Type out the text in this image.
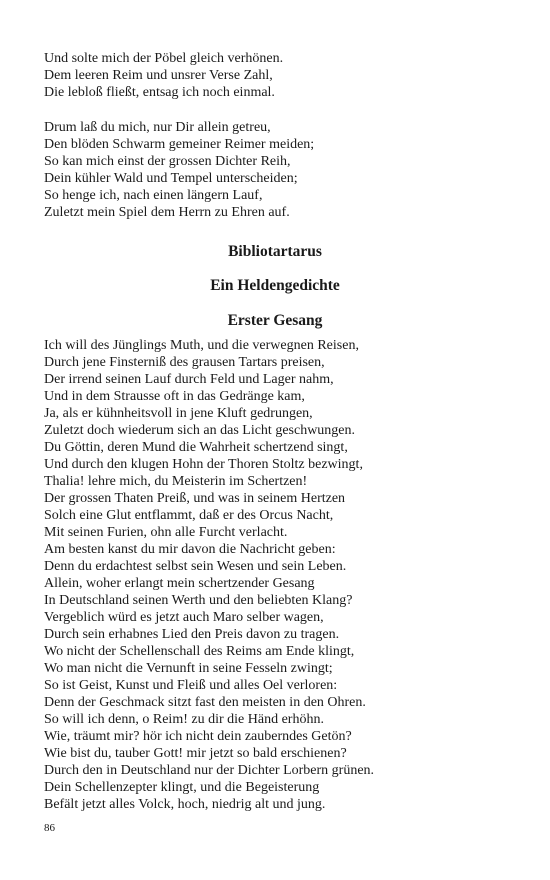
Und solte mich der Pöbel gleich verhönen.
Dem leeren Reim und unsrer Verse Zahl,
Die lebloß fließt, entsag ich noch einmal.
Drum laß du mich, nur Dir allein getreu,
Den blöden Schwarm gemeiner Reimer meiden;
So kan mich einst der grossen Dichter Reih,
Dein kühler Wald und Tempel unterscheiden;
So henge ich, nach einen längern Lauf,
Zuletzt mein Spiel dem Herrn zu Ehren auf.
Bibliotartarus
Ein Heldengedichte
Erster Gesang
Ich will des Jünglings Muth, und die verwegnen Reisen,
Durch jene Finsterniß des grausen Tartars preisen,
Der irrend seinen Lauf durch Feld und Lager nahm,
Und in dem Strausse oft in das Gedränge kam,
Ja, als er kühnheitsvoll in jene Kluft gedrungen,
Zuletzt doch wiederum sich an das Licht geschwungen.
Du Göttin, deren Mund die Wahrheit schertzend singt,
Und durch den klugen Hohn der Thoren Stoltz bezwingt,
Thalia! lehre mich, du Meisterin im Schertzen!
Der grossen Thaten Preiß, und was in seinem Hertzen
Solch eine Glut entflammt, daß er des Orcus Nacht,
Mit seinen Furien, ohn alle Furcht verlacht.
Am besten kanst du mir davon die Nachricht geben:
Denn du erdachtest selbst sein Wesen und sein Leben.
Allein, woher erlangt mein schertzender Gesang
In Deutschland seinen Werth und den beliebten Klang?
Vergeblich würd es jetzt auch Maro selber wagen,
Durch sein erhabnes Lied den Preis davon zu tragen.
Wo nicht der Schellenschall des Reims am Ende klingt,
Wo man nicht die Vernunft in seine Fesseln zwingt;
So ist Geist, Kunst und Fleiß und alles Oel verloren:
Denn der Geschmack sitzt fast den meisten in den Ohren.
So will ich denn, o Reim! zu dir die Händ erhöhn.
Wie, träumt mir? hör ich nicht dein zauberndes Getön?
Wie bist du, tauber Gott! mir jetzt so bald erschienen?
Durch den in Deutschland nur der Dichter Lorbern grünen.
Dein Schellenzepter klingt, und die Begeisterung
Befält jetzt alles Volck, hoch, niedrig alt und jung.
86
